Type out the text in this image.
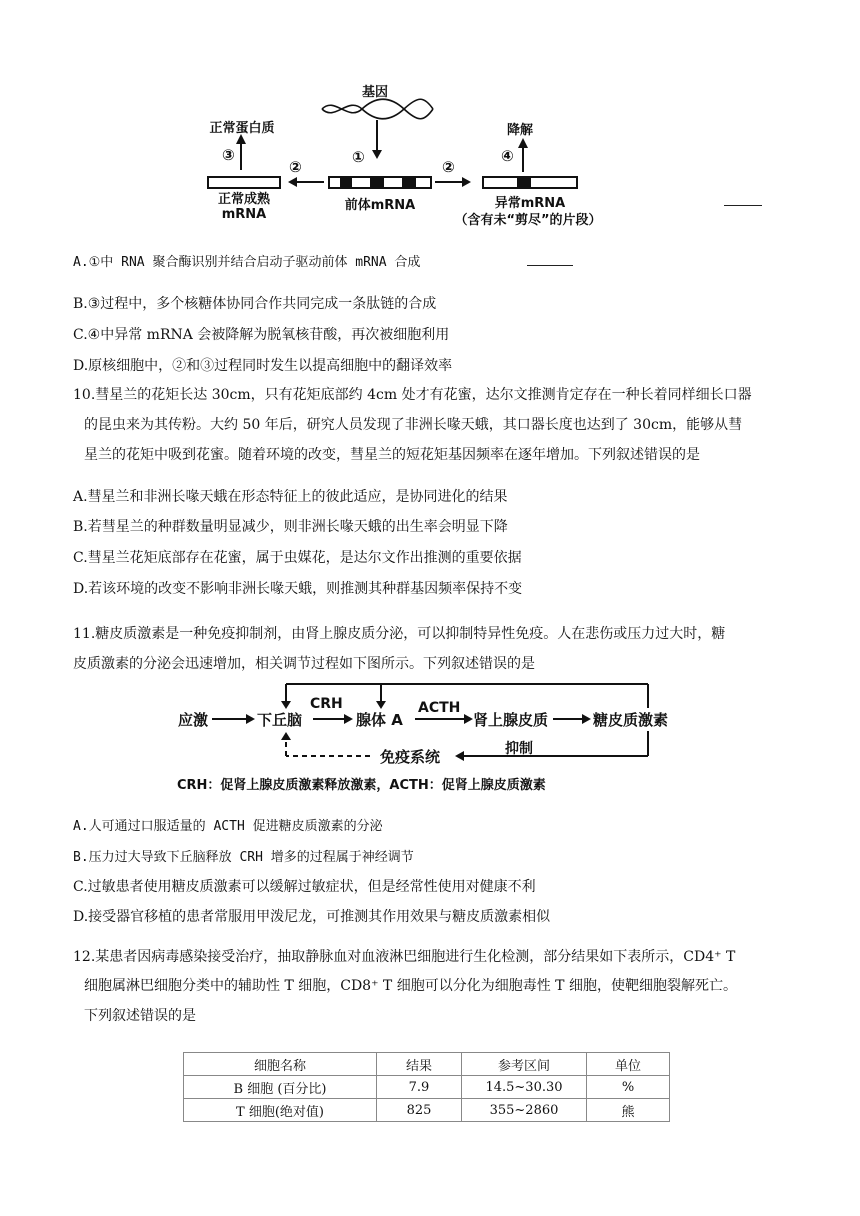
基因
①
前体mRNA
②
正常成熟
mRNA
③
正常蛋白质
②
异常mRNA
（含有未“剪尽”的片段）
④
降解
A.①中 RNA 聚合酶识别并结合启动子驱动前体 mRNA 合成
B.③过程中，多个核糖体协同合作共同完成一条肽链的合成
C.④中异常 mRNA 会被降解为脱氧核苷酸，再次被细胞利用
D.原核细胞中，②和③过程同时发生以提高细胞中的翻译效率
10.彗星兰的花矩长达 30cm，只有花矩底部约 4cm 处才有花蜜，达尔文推测肯定存在一种长着同样细长口器
的昆虫来为其传粉。大约 50 年后，研究人员发现了非洲长喙天蛾，其口器长度也达到了 30cm，能够从彗
星兰的花矩中吸到花蜜。随着环境的改变，彗星兰的短花矩基因频率在逐年增加。下列叙述错误的是
A.彗星兰和非洲长喙天蛾在形态特征上的彼此适应，是协同进化的结果
B.若彗星兰的种群数量明显减少，则非洲长喙天蛾的出生率会明显下降
C.彗星兰花矩底部存在花蜜，属于虫媒花，是达尔文作出推测的重要依据
D.若该环境的改变不影响非洲长喙天蛾，则推测其种群基因频率保持不变
11.糖皮质激素是一种免疫抑制剂，由肾上腺皮质分泌，可以抑制特异性免疫。人在悲伤或压力过大时，糖
皮质激素的分泌会迅速增加，相关调节过程如下图所示。下列叙述错误的是
应激	下丘脑
CRH
腺体 A
ACTH
肾上腺皮质	糖皮质激素
抑制
免疫系统
CRH：促肾上腺皮质激素释放激素，ACTH：促肾上腺皮质激素
A.人可通过口服适量的 ACTH 促进糖皮质激素的分泌
B.压力过大导致下丘脑释放 CRH 增多的过程属于神经调节
C.过敏患者使用糖皮质激素可以缓解过敏症状，但是经常性使用对健康不利
D.接受器官移植的患者常服用甲泼尼龙，可推测其作用效果与糖皮质激素相似
12.某患者因病毒感染接受治疗，抽取静脉血对血液淋巴细胞进行生化检测，部分结果如下表所示，CD4⁺ T
细胞属淋巴细胞分类中的辅助性 T 细胞，CD8⁺ T 细胞可以分化为细胞毒性 T 细胞，使靶细胞裂解死亡。
下列叙述错误的是
细胞名称	结果	参考区间	单位
B 细胞 (百分比)	7.9	14.5~30.30	%
T 细胞(绝对值)	825	355~2860	熊
